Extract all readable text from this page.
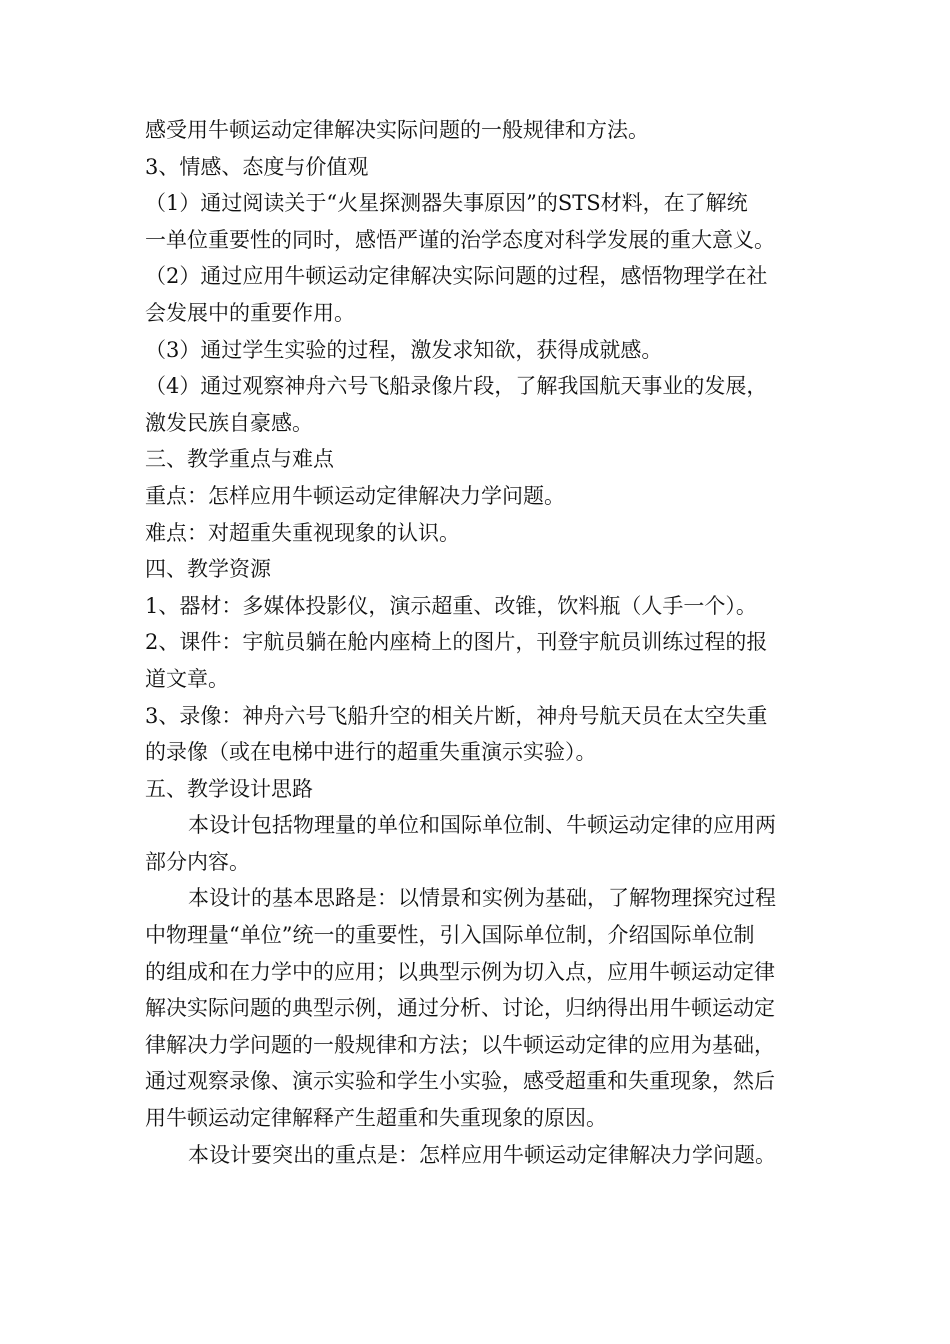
感受用牛顿运动定律解决实际问题的一般规律和方法。
3、情感、态度与价值观
（1）通过阅读关于“火星探测器失事原因”的STS材料，在了解统
一单位重要性的同时，感悟严谨的治学态度对科学发展的重大意义。
（2）通过应用牛顿运动定律解决实际问题的过程，感悟物理学在社
会发展中的重要作用。
（3）通过学生实验的过程，激发求知欲，获得成就感。
（4）通过观察神舟六号飞船录像片段，了解我国航天事业的发展，
激发民族自豪感。
三、教学重点与难点
重点：怎样应用牛顿运动定律解决力学问题。
难点：对超重失重视现象的认识。
四、教学资源
1、器材：多媒体投影仪，演示超重、改锥，饮料瓶（人手一个）。
2、课件：宇航员躺在舱内座椅上的图片，刊登宇航员训练过程的报
道文章。
3、录像：神舟六号飞船升空的相关片断，神舟号航天员在太空失重
的录像（或在电梯中进行的超重失重演示实验）。
五、教学设计思路
本设计包括物理量的单位和国际单位制、牛顿运动定律的应用两
部分内容。
本设计的基本思路是：以情景和实例为基础，了解物理探究过程
中物理量“单位”统一的重要性，引入国际单位制，介绍国际单位制
的组成和在力学中的应用；以典型示例为切入点，应用牛顿运动定律
解决实际问题的典型示例，通过分析、讨论，归纳得出用牛顿运动定
律解决力学问题的一般规律和方法；以牛顿运动定律的应用为基础，
通过观察录像、演示实验和学生小实验，感受超重和失重现象，然后
用牛顿运动定律解释产生超重和失重现象的原因。
本设计要突出的重点是：怎样应用牛顿运动定律解决力学问题。
